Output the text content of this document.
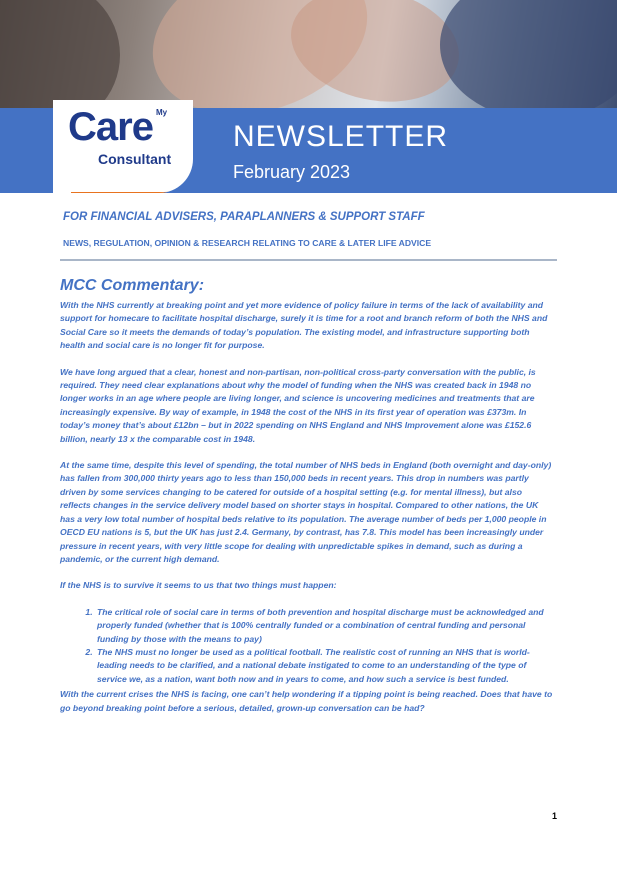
My
Care
Consultant
NEWSLETTER
February 2023
FOR FINANCIAL ADVISERS, PARAPLANNERS & SUPPORT STAFF
NEWS, REGULATION, OPINION & RESEARCH RELATING TO CARE & LATER LIFE ADVICE
MCC Commentary:

With the NHS currently at breaking point and yet more evidence of policy failure in terms of the lack of availability and support for homecare to facilitate hospital discharge, surely it is time for a root and branch reform of both the NHS and Social Care so it meets the demands of today’s population. The existing model, and infrastructure supporting both health and social care is no longer fit for purpose.

We have long argued that a clear, honest and non-partisan, non-political cross-party conversation with the public, is required. They need clear explanations about why the model of funding when the NHS was created back in 1948 no longer works in an age where people are living longer, and science is uncovering medicines and treatments that are increasingly expensive. By way of example, in 1948 the cost of the NHS in its first year of operation was £373m. In today’s money that’s about £12bn – but in 2022 spending on NHS England and NHS Improvement alone was £152.6 billion, nearly 13 x the comparable cost in 1948.

At the same time, despite this level of spending, the total number of NHS beds in England (both overnight and day-only) has fallen from 300,000 thirty years ago to less than 150,000 beds in recent years. This drop in numbers was partly driven by some services changing to be catered for outside of a hospital setting (e.g. for mental illness), but also reflects changes in the service delivery model based on shorter stays in hospital. Compared to other nations, the UK has a very low total number of hospital beds relative to its population. The average number of beds per 1,000 people in OECD EU nations is 5, but the UK has just 2.4. Germany, by contrast, has 7.8. This model has been increasingly under pressure in recent years, with very little scope for dealing with unpredictable spikes in demand, such as during a pandemic, or the current high demand.

If the NHS is to survive it seems to us that two things must happen:

1. The critical role of social care in terms of both prevention and hospital discharge must be acknowledged and properly funded (whether that is 100% centrally funded or a combination of central funding and personal funding by those with the means to pay)
2. The NHS must no longer be used as a political football. The realistic cost of running an NHS that is world-leading needs to be clarified, and a national debate instigated to come to an understanding of the type of service we, as a nation, want both now and in years to come, and how such a service is best funded.

With the current crises the NHS is facing, one can’t help wondering if a tipping point is being reached. Does that have to go beyond breaking point before a serious, detailed, grown-up conversation can be had?

1
